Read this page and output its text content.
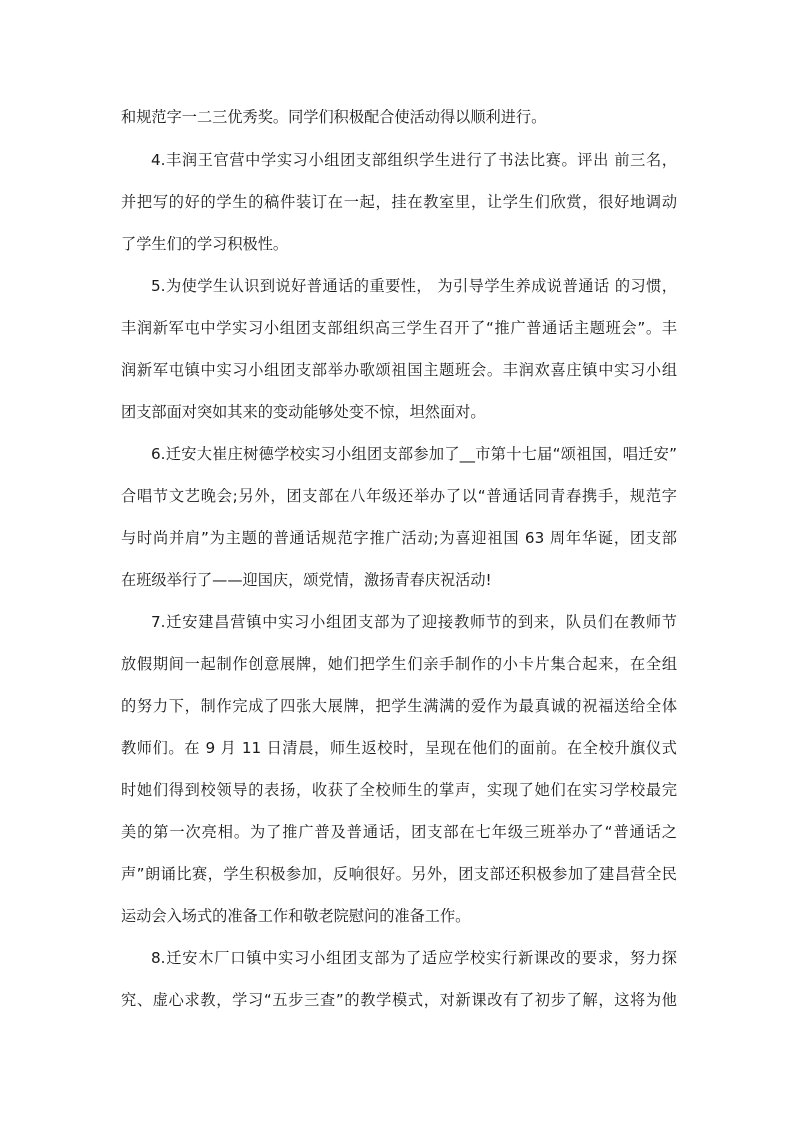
和规范字一二三优秀奖。同学们积极配合使活动得以顺利进行。
4.丰润王官营中学实习小组团支部组织学生进行了书法比赛。评出 前三名，
并把写的好的学生的稿件装订在一起，挂在教室里，让学生们欣赏，很好地调动
了学生们的学习积极性。
5.为使学生认识到说好普通话的重要性， 为引导学生养成说普通话 的习惯，
丰润新军屯中学实习小组团支部组织高三学生召开了“推广普通话主题班会”。丰
润新军屯镇中实习小组团支部举办歌颂祖国主题班会。丰润欢喜庄镇中实习小组
团支部面对突如其来的变动能够处变不惊，坦然面对。
6.迁安大崔庄树德学校实习小组团支部参加了__市第十七届“颂祖国，唱迁安”
合唱节文艺晚会;另外，团支部在八年级还举办了以“普通话同青春携手，规范字
与时尚并肩”为主题的普通话规范字推广活动;为喜迎祖国 63 周年华诞，团支部
在班级举行了——迎国庆，颂党情，激扬青春庆祝活动!
7.迁安建昌营镇中实习小组团支部为了迎接教师节的到来，队员们在教师节
放假期间一起制作创意展牌，她们把学生们亲手制作的小卡片集合起来，在全组
的努力下，制作完成了四张大展牌，把学生满满的爱作为最真诚的祝福送给全体
教师们。在 9 月 11 日清晨，师生返校时，呈现在他们的面前。在全校升旗仪式
时她们得到校领导的表扬，收获了全校师生的掌声，实现了她们在实习学校最完
美的第一次亮相。为了推广普及普通话，团支部在七年级三班举办了“普通话之
声”朗诵比赛，学生积极参加，反响很好。另外，团支部还积极参加了建昌营全民
运动会入场式的准备工作和敬老院慰问的准备工作。
8.迁安木厂口镇中实习小组团支部为了适应学校实行新课改的要求，努力探
究、虚心求教，学习“五步三查”的教学模式，对新课改有了初步了解，这将为他
